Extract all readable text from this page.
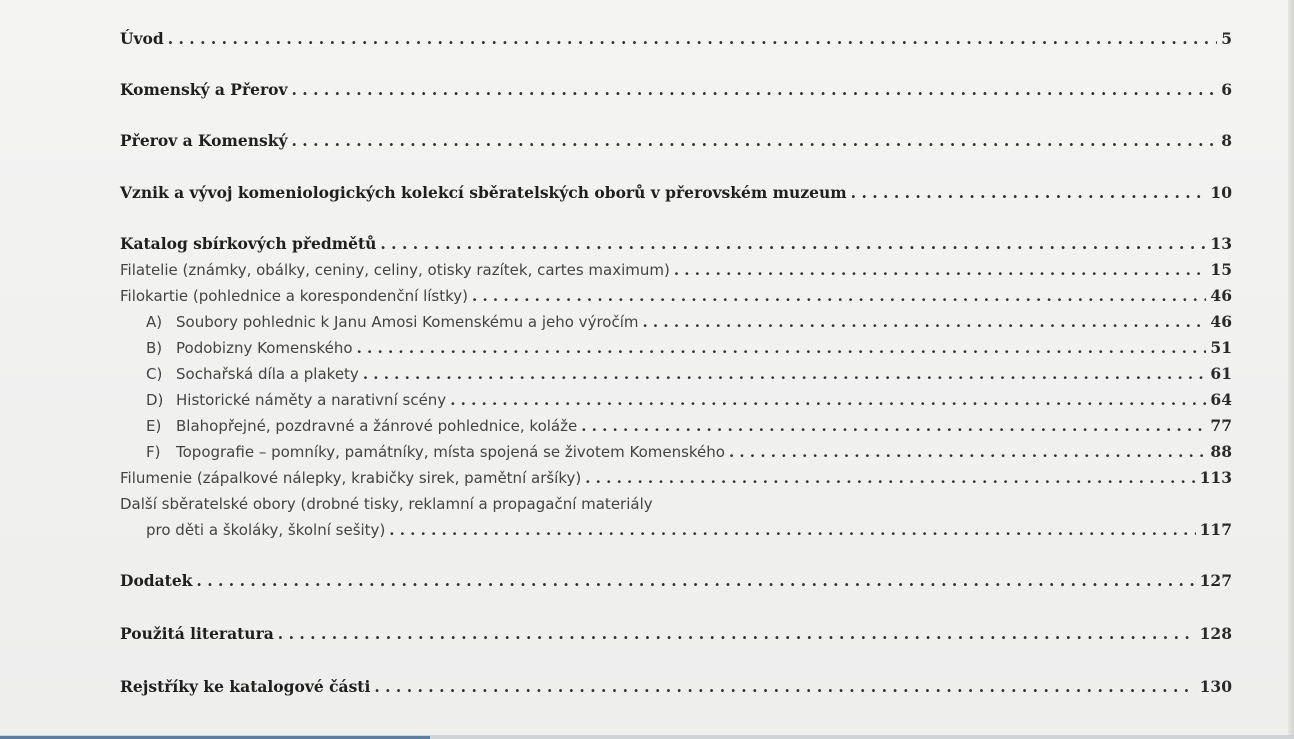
Úvod . . .	5
Komenský a Přerov . . .	6
Přerov a Komenský . . .	8
Vznik a vývoj komeniologických kolekcí sběratelských oborů v přerovském muzeum . . .	10
Katalog sbírkových předmětů . . .	13
Filatelie (známky, obálky, ceniny, celiny, otisky razítek, cartes maximum) . . .	15
Filokartie (pohlednice a korespondenční lístky) . . .	46
A) Soubory pohlednic k Janu Amosi Komenskému a jeho výročím . . .	46
B) Podobizny Komenského . . .	51
C) Sochařská díla a plakety . . .	61
D) Historické náměty a narativní scény . . .	64
E) Blahopřejné, pozdravné a žánrové pohlednice, koláže . . .	77
F) Topografie – pomníky, památníky, místa spojená se životem Komenského . . .	88
Filumenie (zápalkové nálepky, krabičky sirek, pamětní aršíky) . . .	113
Další sběratelské obory (drobné tisky, reklamní a propagační materiály
pro děti a školáky, školní sešity) . . .	117
Dodatek . . .	127
Použitá literatura . . .	128
Rejstříky ke katalogové části . . .	130
